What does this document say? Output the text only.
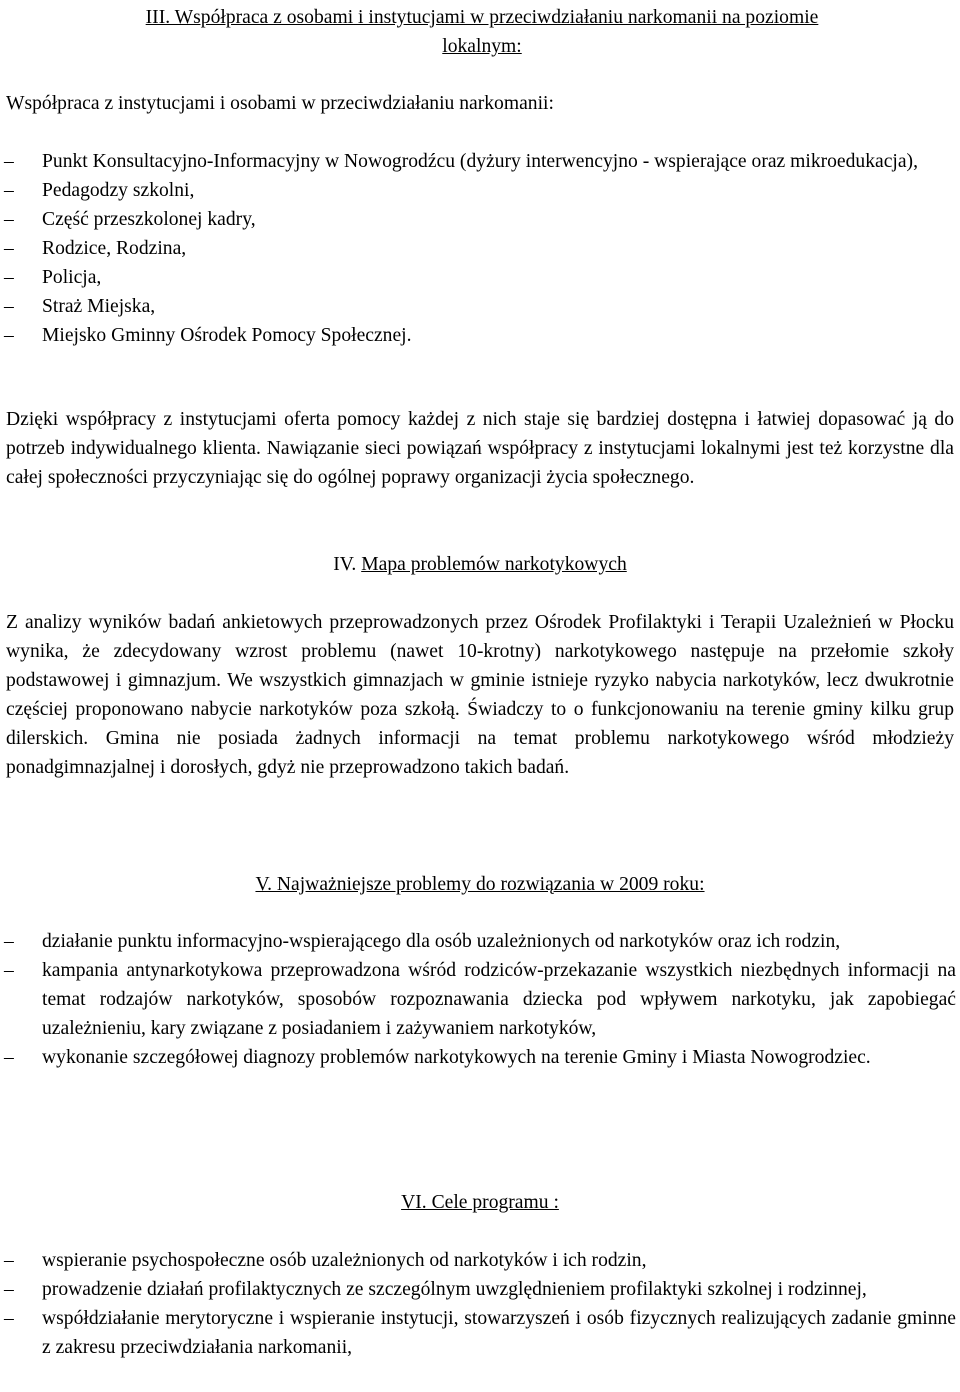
III. Współpraca z osobami i instytucjami w przeciwdziałaniu narkomanii na poziomie
lokalnym:
Współpraca z instytucjami i osobami w przeciwdziałaniu narkomanii:
– Punkt Konsultacyjno-Informacyjny w Nowogrodźcu (dyżury interwencyjno - wspierające oraz mikroedukacja),
– Pedagodzy szkolni,
– Część przeszkolonej kadry,
– Rodzice, Rodzina,
– Policja,
– Straż Miejska,
– Miejsko Gminny Ośrodek Pomocy Społecznej.

Dzięki współpracy z instytucjami oferta pomocy każdej z nich staje się bardziej dostępna i łatwiej dopasować ją do potrzeb indywidualnego klienta. Nawiązanie sieci powiązań współpracy z instytucjami lokalnymi jest też korzystne dla całej społeczności przyczyniając się do ogólnej poprawy organizacji życia społecznego.

IV. Mapa problemów narkotykowych

Z analizy wyników badań ankietowych przeprowadzonych przez Ośrodek Profilaktyki i Terapii Uzależnień w Płocku wynika, że zdecydowany wzrost problemu (nawet 10-krotny) narkotykowego następuje na przełomie szkoły podstawowej i gimnazjum. We wszystkich gimnazjach w gminie istnieje ryzyko nabycia narkotyków, lecz dwukrotnie częściej proponowano nabycie narkotyków poza szkołą. Świadczy to o funkcjonowaniu na terenie gminy kilku grup dilerskich. Gmina nie posiada żadnych informacji na temat problemu narkotykowego wśród młodzieży ponadgimnazjalnej i dorosłych, gdyż nie przeprowadzono takich badań.

V. Najważniejsze problemy do rozwiązania w 2009 roku:
– działanie punktu informacyjno-wspierającego dla osób uzależnionych od narkotyków oraz ich rodzin,
– kampania antynarkotykowa przeprowadzona wśród rodziców-przekazanie wszystkich niezbędnych informacji na temat rodzajów narkotyków, sposobów rozpoznawania dziecka pod wpływem narkotyku, jak zapobiegać uzależnieniu, kary związane z posiadaniem i zażywaniem narkotyków,
– wykonanie szczegółowej diagnozy problemów narkotykowych na terenie Gminy i Miasta Nowogrodziec.
VI. Cele programu :
– wspieranie psychospołeczne osób uzależnionych od narkotyków i ich rodzin,
– prowadzenie działań profilaktycznych ze szczególnym uwzględnieniem profilaktyki szkolnej i rodzinnej,
– współdziałanie merytoryczne i wspieranie instytucji, stowarzyszeń i osób fizycznych realizujących zadanie gminne z zakresu przeciwdziałania narkomanii,
